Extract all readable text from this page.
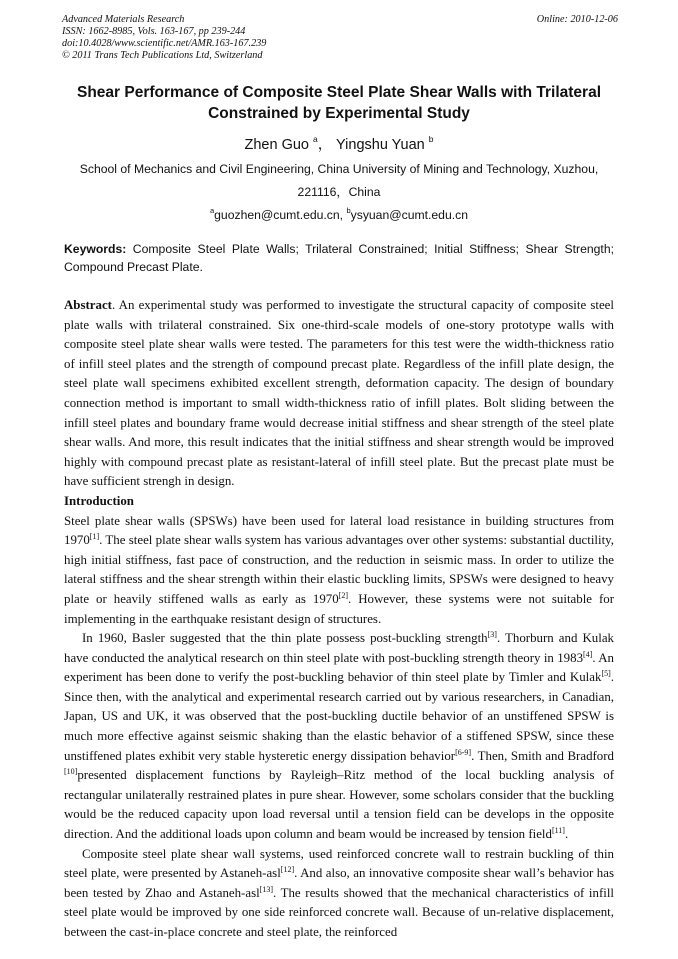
Advanced Materials Research
ISSN: 1662-8985, Vols. 163-167, pp 239-244
doi:10.4028/www.scientific.net/AMR.163-167.239
© 2011 Trans Tech Publications Ltd, Switzerland
Online: 2010-12-06
Shear Performance of Composite Steel Plate Shear Walls with Trilateral
Constrained by Experimental Study
Zhen Guo $^a$， Yingshu Yuan $^b$
School of Mechanics and Civil Engineering, China University of Mining and Technology, Xuzhou,
221116，China
$^a$guozhen@cumt.edu.cn, $^b$ysyuan@cumt.edu.cn
Keywords: Composite Steel Plate Walls; Trilateral Constrained; Initial Stiffness; Shear Strength; Compound Precast Plate.

Abstract. An experimental study was performed to investigate the structural capacity of composite steel plate walls with trilateral constrained. Six one-third-scale models of one-story prototype walls with composite steel plate shear walls were tested. The parameters for this test were the width-thickness ratio of infill steel plates and the strength of compound precast plate. Regardless of the infill plate design, the steel plate wall specimens exhibited excellent strength, deformation capacity. The design of boundary connection method is important to small width-thickness ratio of infill plates. Bolt sliding between the infill steel plates and boundary frame would decrease initial stiffness and shear strength of the steel plate shear walls. And more, this result indicates that the initial stiffness and shear strength would be improved highly with compound precast plate as resistant-lateral of infill steel plate. But the precast plate must be have sufficient strengh in design.

Introduction

Steel plate shear walls (SPSWs) have been used for lateral load resistance in building structures from 1970[1]. The steel plate shear walls system has various advantages over other systems: substantial ductility, high initial stiffness, fast pace of construction, and the reduction in seismic mass. In order to utilize the lateral stiffness and the shear strength within their elastic buckling limits, SPSWs were designed to heavy plate or heavily stiffened walls as early as 1970[2]. However, these systems were not suitable for implementing in the earthquake resistant design of structures.

In 1960, Basler suggested that the thin plate possess post-buckling strength[3]. Thorburn and Kulak have conducted the analytical research on thin steel plate with post-buckling strength theory in 1983[4]. An experiment has been done to verify the post-buckling behavior of thin steel plate by Timler and Kulak[5]. Since then, with the analytical and experimental research carried out by various researchers, in Canadian, Japan, US and UK, it was observed that the post-buckling ductile behavior of an unstiffened SPSW is much more effective against seismic shaking than the elastic behavior of a stiffened SPSW, since these unstiffened plates exhibit very stable hysteretic energy dissipation behavior[6-9]. Then, Smith and Bradford [10]presented displacement functions by Rayleigh–Ritz method of the local buckling analysis of rectangular unilaterally restrained plates in pure shear. However, some scholars consider that the buckling would be the reduced capacity upon load reversal until a tension field can be develops in the opposite direction. And the additional loads upon column and beam would be increased by tension field[11].

Composite steel plate shear wall systems, used reinforced concrete wall to restrain buckling of thin steel plate, were presented by Astaneh-asl[12]. And also, an innovative composite shear wall’s behavior has been tested by Zhao and Astaneh-asl[13]. The results showed that the mechanical characteristics of infill steel plate would be improved by one side reinforced concrete wall. Because of un-relative displacement, between the cast-in-place concrete and steel plate, the reinforced
